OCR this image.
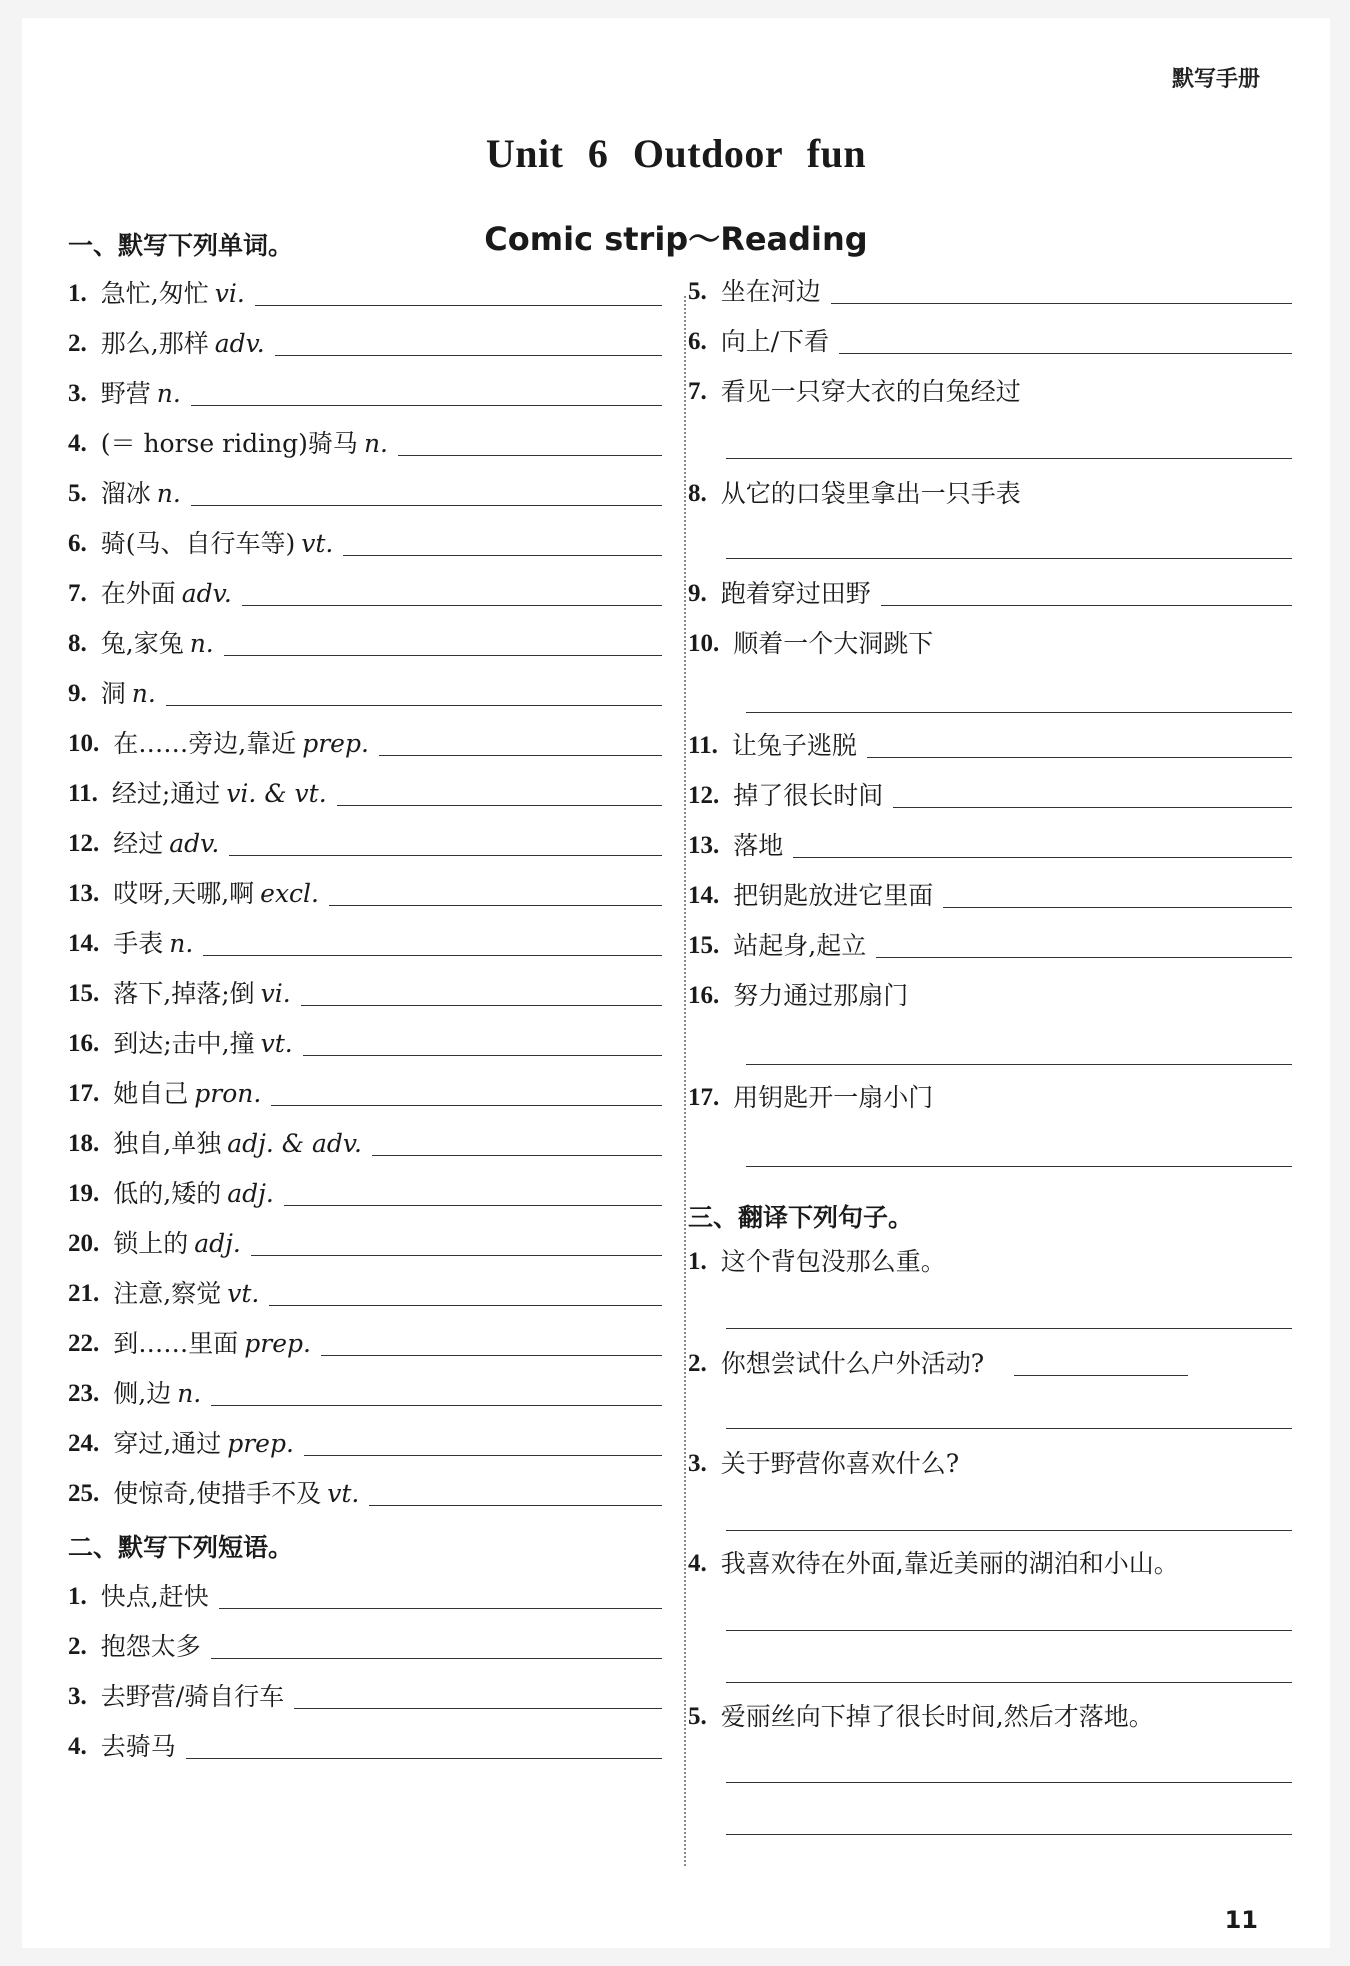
默写手册
Unit 6 Outdoor fun
Comic strip～Reading
一、默写下列单词。
1. 急忙,匆忙 vi.
2. 那么,那样 adv.
3. 野营 n.
4. (＝ horse riding)骑马 n.
5. 溜冰 n.
6. 骑(马、自行车等) vt.
7. 在外面 adv.
8. 兔,家兔 n.
9. 洞 n.
10. 在……旁边,靠近 prep.
11. 经过;通过 vi. & vt.
12. 经过 adv.
13. 哎呀,天哪,啊 excl.
14. 手表 n.
15. 落下,掉落;倒 vi.
16. 到达;击中,撞 vt.
17. 她自己 pron.
18. 独自,单独 adj. & adv.
19. 低的,矮的 adj.
20. 锁上的 adj.
21. 注意,察觉 vt.
22. 到……里面 prep.
23. 侧,边 n.
24. 穿过,通过 prep.
25. 使惊奇,使措手不及 vt.
二、默写下列短语。
1. 快点,赶快
2. 抱怨太多
3. 去野营/骑自行车
4. 去骑马
5. 坐在河边
6. 向上/下看
7. 看见一只穿大衣的白兔经过
8. 从它的口袋里拿出一只手表
9. 跑着穿过田野
10. 顺着一个大洞跳下
11. 让兔子逃脱
12. 掉了很长时间
13. 落地
14. 把钥匙放进它里面
15. 站起身,起立
16. 努力通过那扇门
17. 用钥匙开一扇小门
三、翻译下列句子。
1. 这个背包没那么重。
2. 你想尝试什么户外活动?
3. 关于野营你喜欢什么?
4. 我喜欢待在外面,靠近美丽的湖泊和小山。
5. 爱丽丝向下掉了很长时间,然后才落地。
11
